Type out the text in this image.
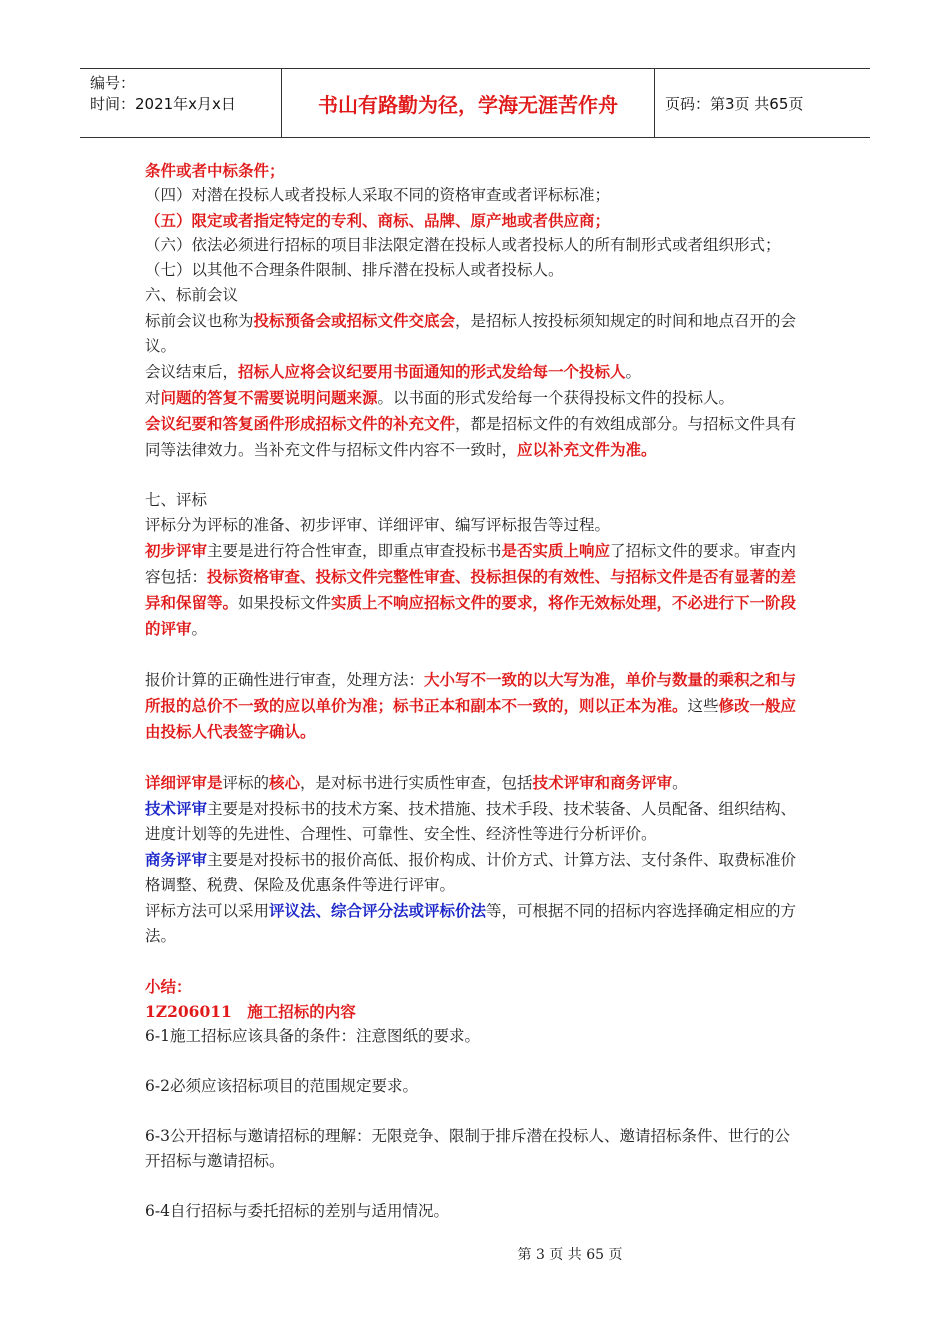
编号：
时间：2021年x月x日	书山有路勤为径，学海无涯苦作舟	页码：第3页 共65页

条件或者中标条件；

（四）对潜在投标人或者投标人采取不同的资格审查或者评标标准；

（五）限定或者指定特定的专利、商标、品牌、原产地或者供应商；

（六）依法必须进行招标的项目非法限定潜在投标人或者投标人的所有制形式或者组织形式；

（七）以其他不合理条件限制、排斥潜在投标人或者投标人。

六、标前会议

标前会议也称为投标预备会或招标文件交底会，是招标人按投标须知规定的时间和地点召开的会议。

会议结束后，招标人应将会议纪要用书面通知的形式发给每一个投标人。

对问题的答复不需要说明问题来源。以书面的形式发给每一个获得投标文件的投标人。

会议纪要和答复函件形成招标文件的补充文件，都是招标文件的有效组成部分。与招标文件具有同等法律效力。当补充文件与招标文件内容不一致时，应以补充文件为准。

七、评标

评标分为评标的准备、初步评审、详细评审、编写评标报告等过程。

初步评审主要是进行符合性审查，即重点审查投标书是否实质上响应了招标文件的要求。审查内容包括：投标资格审查、投标文件完整性审查、投标担保的有效性、与招标文件是否有显著的差异和保留等。如果投标文件实质上不响应招标文件的要求，将作无效标处理，不必进行下一阶段的评审。

报价计算的正确性进行审查，处理方法：大小写不一致的以大写为准，单价与数量的乘积之和与所报的总价不一致的应以单价为准；标书正本和副本不一致的，则以正本为准。这些修改一般应由投标人代表签字确认。

详细评审是评标的核心，是对标书进行实质性审查，包括技术评审和商务评审。

技术评审主要是对投标书的技术方案、技术措施、技术手段、技术装备、人员配备、组织结构、进度计划等的先进性、合理性、可靠性、安全性、经济性等进行分析评价。

商务评审主要是对投标书的报价高低、报价构成、计价方式、计算方法、支付条件、取费标准价格调整、税费、保险及优惠条件等进行评审。

评标方法可以采用评议法、综合评分法或评标价法等，可根据不同的招标内容选择确定相应的方法。

小结：

1Z206011　施工招标的内容

6-1施工招标应该具备的条件：注意图纸的要求。

6-2必须应该招标项目的范围规定要求。

6-3公开招标与邀请招标的理解：无限竞争、限制于排斥潜在投标人、邀请招标条件、世行的公开招标与邀请招标。

6-4自行招标与委托招标的差别与适用情况。

第 3 页 共 65 页
